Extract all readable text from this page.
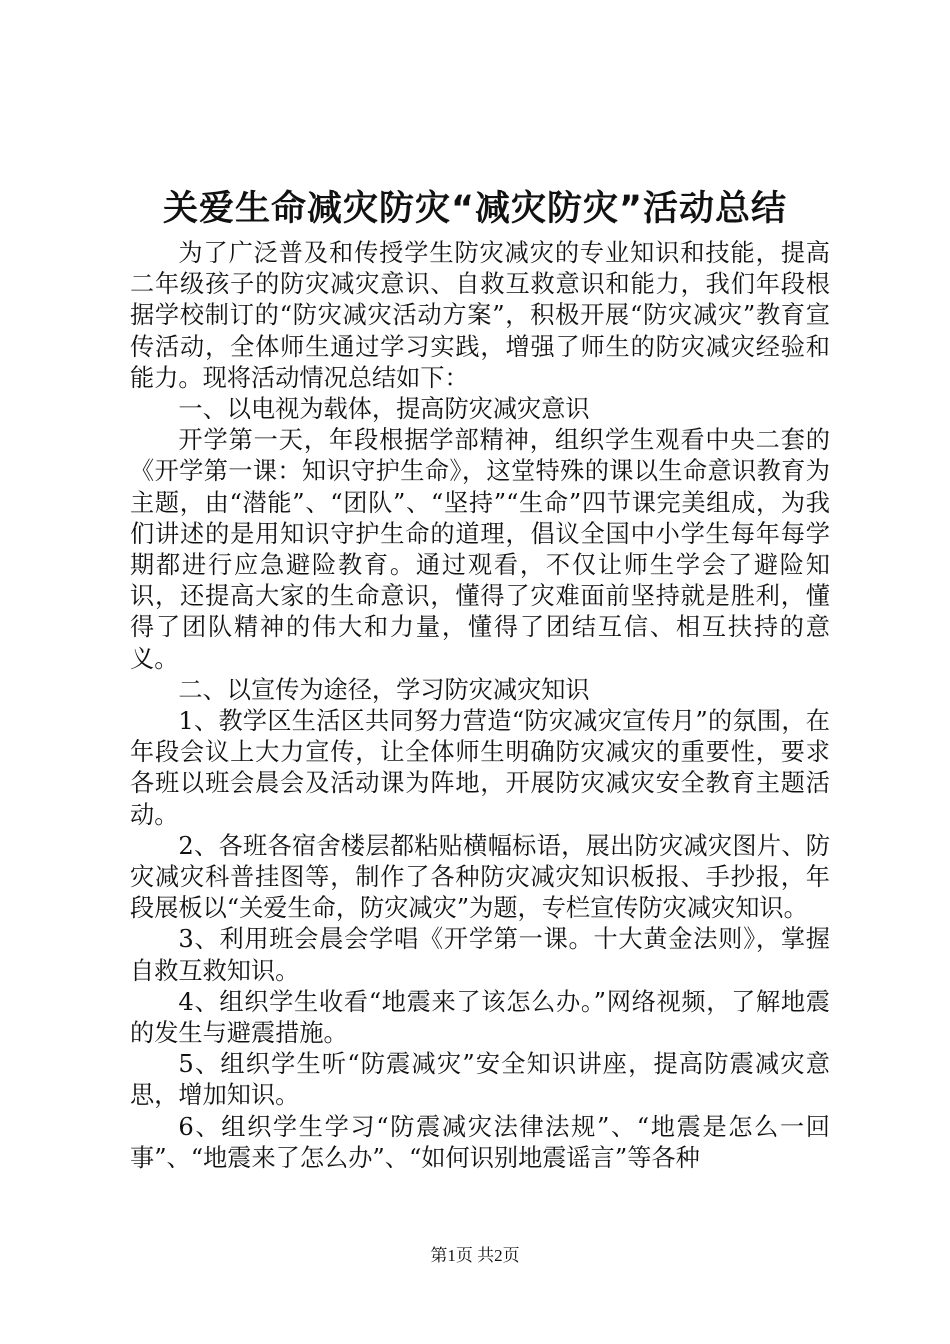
关爱生命减灾防灾“减灾防灾”活动总结

为了广泛普及和传授学生防灾减灾的专业知识和技能，提高二年级孩子的防灾减灾意识、自救互救意识和能力，我们年段根据学校制订的“防灾减灾活动方案”，积极开展“防灾减灾”教育宣传活动，全体师生通过学习实践，增强了师生的防灾减灾经验和能力。现将活动情况总结如下：

一、以电视为载体，提高防灾减灾意识

开学第一天，年段根据学部精神，组织学生观看中央二套的《开学第一课：知识守护生命》，这堂特殊的课以生命意识教育为主题，由“潜能”、“团队”、“坚持”“生命”四节课完美组成，为我们讲述的是用知识守护生命的道理，倡议全国中小学生每年每学期都进行应急避险教育。通过观看，不仅让师生学会了避险知识，还提高大家的生命意识，懂得了灾难面前坚持就是胜利，懂得了团队精神的伟大和力量，懂得了团结互信、相互扶持的意义。

二、以宣传为途径，学习防灾减灾知识

1、教学区生活区共同努力营造“防灾减灾宣传月”的氛围，在年段会议上大力宣传，让全体师生明确防灾减灾的重要性，要求各班以班会晨会及活动课为阵地，开展防灾减灾安全教育主题活动。

2、各班各宿舍楼层都粘贴横幅标语，展出防灾减灾图片、防灾减灾科普挂图等，制作了各种防灾减灾知识板报、手抄报，年段展板以“关爱生命，防灾减灾”为题，专栏宣传防灾减灾知识。

3、利用班会晨会学唱《开学第一课。十大黄金法则》，掌握自救互救知识。

4、组织学生收看“地震来了该怎么办。”网络视频，了解地震的发生与避震措施。

5、组织学生听“防震减灾”安全知识讲座，提高防震减灾意思，增加知识。

6、组织学生学习“防震减灾法律法规”、“地震是怎么一回事”、“地震来了怎么办”、“如何识别地震谣言”等各种

第1页 共2页
